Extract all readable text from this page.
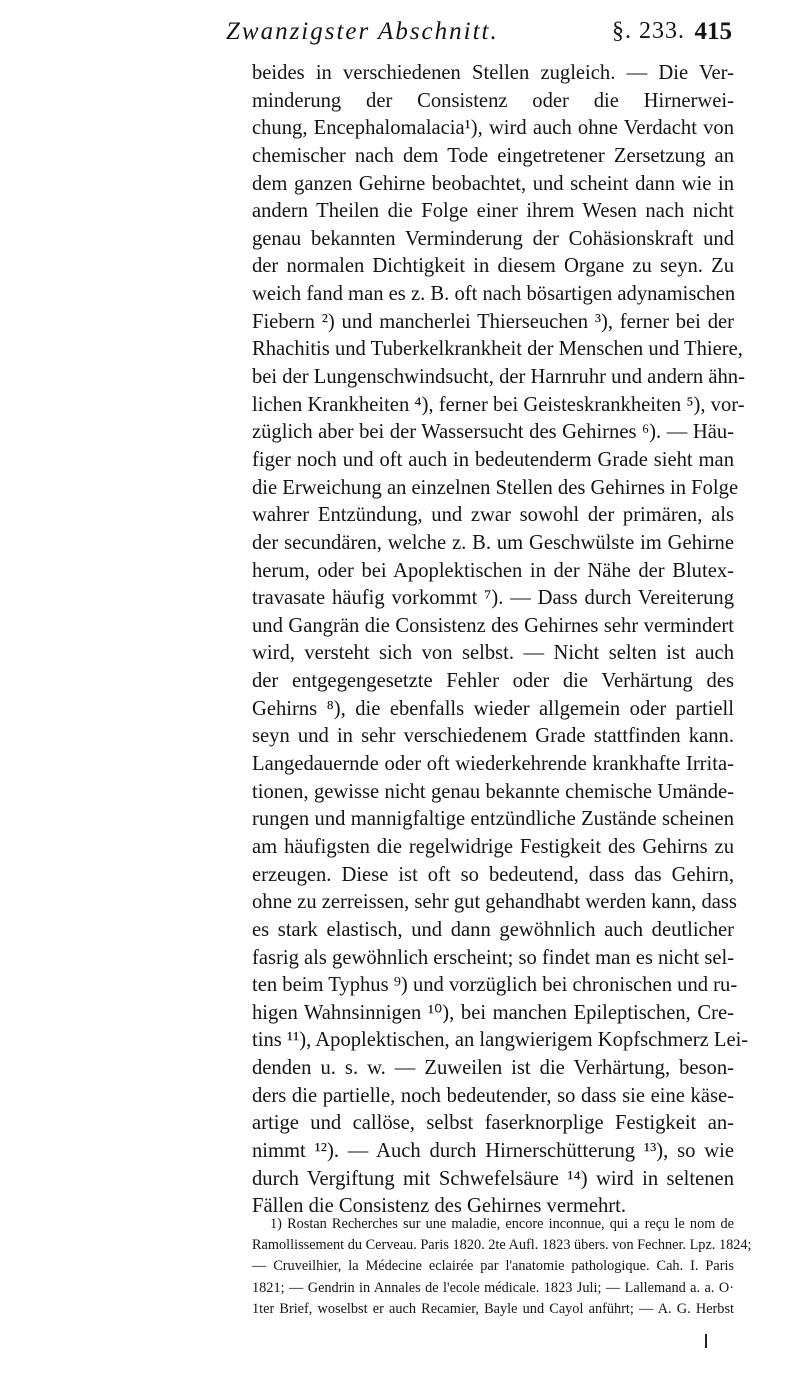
Zwanzigster Abschnitt.	§. 233. 415
beides in verschiedenen Stellen zugleich. — Die Ver-
minderung der Consistenz oder die Hirnerwei-
chung, Encephalomalacia¹), wird auch ohne Verdacht von
chemischer nach dem Tode eingetretener Zersetzung an
dem ganzen Gehirne beobachtet, und scheint dann wie in
andern Theilen die Folge einer ihrem Wesen nach nicht
genau bekannten Verminderung der Cohäsionskraft und
der normalen Dichtigkeit in diesem Organe zu seyn. Zu
weich fand man es z. B. oft nach bösartigen adynamischen
Fiebern ²) und mancherlei Thierseuchen ³), ferner bei der
Rhachitis und Tuberkelkrankheit der Menschen und Thiere,
bei der Lungenschwindsucht, der Harnruhr und andern ähn-
lichen Krankheiten ⁴), ferner bei Geisteskrankheiten ⁵), vor-
züglich aber bei der Wassersucht des Gehirnes ⁶). — Häu-
figer noch und oft auch in bedeutenderm Grade sieht man
die Erweichung an einzelnen Stellen des Gehirnes in Folge
wahrer Entzündung, und zwar sowohl der primären, als
der secundären, welche z. B. um Geschwülste im Gehirne
herum, oder bei Apoplektischen in der Nähe der Blutex-
travasate häufig vorkommt ⁷). — Dass durch Vereiterung
und Gangrän die Consistenz des Gehirnes sehr vermindert
wird, versteht sich von selbst. — Nicht selten ist auch
der entgegengesetzte Fehler oder die Verhärtung des
Gehirns ⁸), die ebenfalls wieder allgemein oder partiell
seyn und in sehr verschiedenem Grade stattfinden kann.
Langedauernde oder oft wiederkehrende krankhafte Irrita-
tionen, gewisse nicht genau bekannte chemische Umände-
rungen und mannigfaltige entzündliche Zustände scheinen
am häufigsten die regelwidrige Festigkeit des Gehirns zu
erzeugen. Diese ist oft so bedeutend, dass das Gehirn,
ohne zu zerreissen, sehr gut gehandhabt werden kann, dass
es stark elastisch, und dann gewöhnlich auch deutlicher
fasrig als gewöhnlich erscheint; so findet man es nicht sel-
ten beim Typhus ⁹) und vorzüglich bei chronischen und ru-
higen Wahnsinnigen ¹⁰), bei manchen Epileptischen, Cre-
tins ¹¹), Apoplektischen, an langwierigem Kopfschmerz Lei-
denden u. s. w. — Zuweilen ist die Verhärtung, beson-
ders die partielle, noch bedeutender, so dass sie eine käse-
artige und callöse, selbst faserknorplige Festigkeit an-
nimmt ¹²). — Auch durch Hirnerschütterung ¹³), so wie
durch Vergiftung mit Schwefelsäure ¹⁴) wird in seltenen
Fällen die Consistenz des Gehirnes vermehrt.
1) Rostan Recherches sur une maladie, encore inconnue, qui a reçu le nom de
Ramollissement du Cerveau. Paris 1820. 2te Aufl. 1823 übers. von Fechner. Lpz. 1824;
— Cruveilhier, la Médecine eclairée par l'anatomie pathologique. Cah. I. Paris
1821; — Gendrin in Annales de l'ecole médicale. 1823 Juli; — Lallemand a. a. O·
1ter Brief, woselbst er auch Recamier, Bayle und Cayol anführt; — A. G. Herbst
